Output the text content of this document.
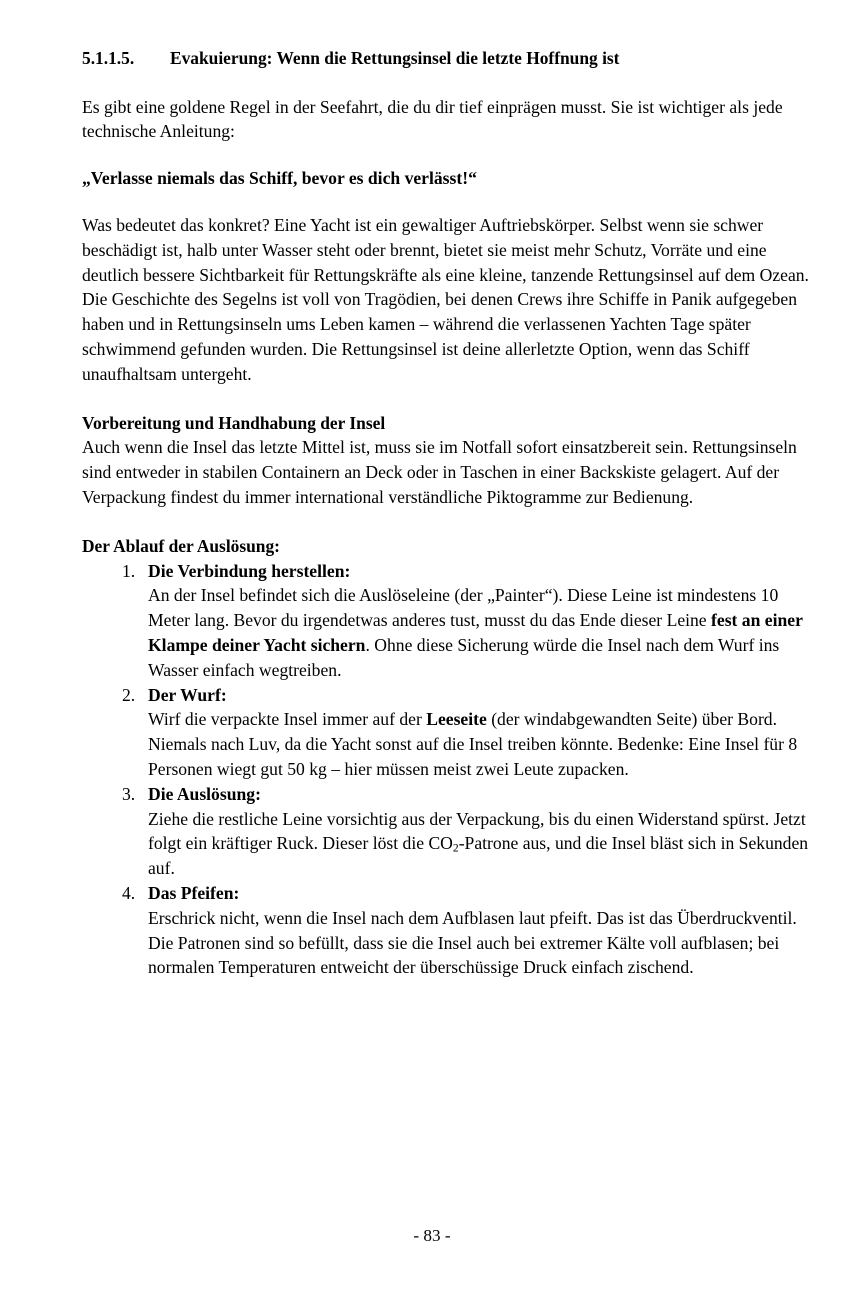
5.1.1.5. Evakuierung: Wenn die Rettungsinsel die letzte Hoffnung ist

Es gibt eine goldene Regel in der Seefahrt, die du dir tief einprägen musst. Sie ist wichtiger als jede technische Anleitung:

„Verlasse niemals das Schiff, bevor es dich verlässt!“

Was bedeutet das konkret? Eine Yacht ist ein gewaltiger Auftriebskörper. Selbst wenn sie schwer beschädigt ist, halb unter Wasser steht oder brennt, bietet sie meist mehr Schutz, Vorräte und eine deutlich bessere Sichtbarkeit für Rettungskräfte als eine kleine, tanzende Rettungsinsel auf dem Ozean. Die Geschichte des Segelns ist voll von Tragödien, bei denen Crews ihre Schiffe in Panik aufgegeben haben und in Rettungsinseln ums Leben kamen – während die verlassenen Yachten Tage später schwimmend gefunden wurden. Die Rettungsinsel ist deine allerletzte Option, wenn das Schiff unaufhaltsam untergeht.

Vorbereitung und Handhabung der Insel

Auch wenn die Insel das letzte Mittel ist, muss sie im Notfall sofort einsatzbereit sein. Rettungsinseln sind entweder in stabilen Containern an Deck oder in Taschen in einer Backskiste gelagert. Auf der Verpackung findest du immer international verständliche Piktogramme zur Bedienung.

Der Ablauf der Auslösung:

1. Die Verbindung herstellen:
An der Insel befindet sich die Auslöseleine (der „Painter“). Diese Leine ist mindestens 10 Meter lang. Bevor du irgendetwas anderes tust, musst du das Ende dieser Leine fest an einer Klampe deiner Yacht sichern. Ohne diese Sicherung würde die Insel nach dem Wurf ins Wasser einfach wegtreiben.
2. Der Wurf:
Wirf die verpackte Insel immer auf der Leeseite (der windabgewandten Seite) über Bord. Niemals nach Luv, da die Yacht sonst auf die Insel treiben könnte. Bedenke: Eine Insel für 8 Personen wiegt gut 50 kg – hier müssen meist zwei Leute zupacken.
3. Die Auslösung:
Ziehe die restliche Leine vorsichtig aus der Verpackung, bis du einen Widerstand spürst. Jetzt folgt ein kräftiger Ruck. Dieser löst die $CO_2$-Patrone aus, und die Insel bläst sich in Sekunden auf.
4. Das Pfeifen:
Erschrick nicht, wenn die Insel nach dem Aufblasen laut pfeift. Das ist das Überdruckventil. Die Patronen sind so befüllt, dass sie die Insel auch bei extremer Kälte voll aufblasen; bei normalen Temperaturen entweicht der überschüssige Druck einfach zischend.
- 83 -
